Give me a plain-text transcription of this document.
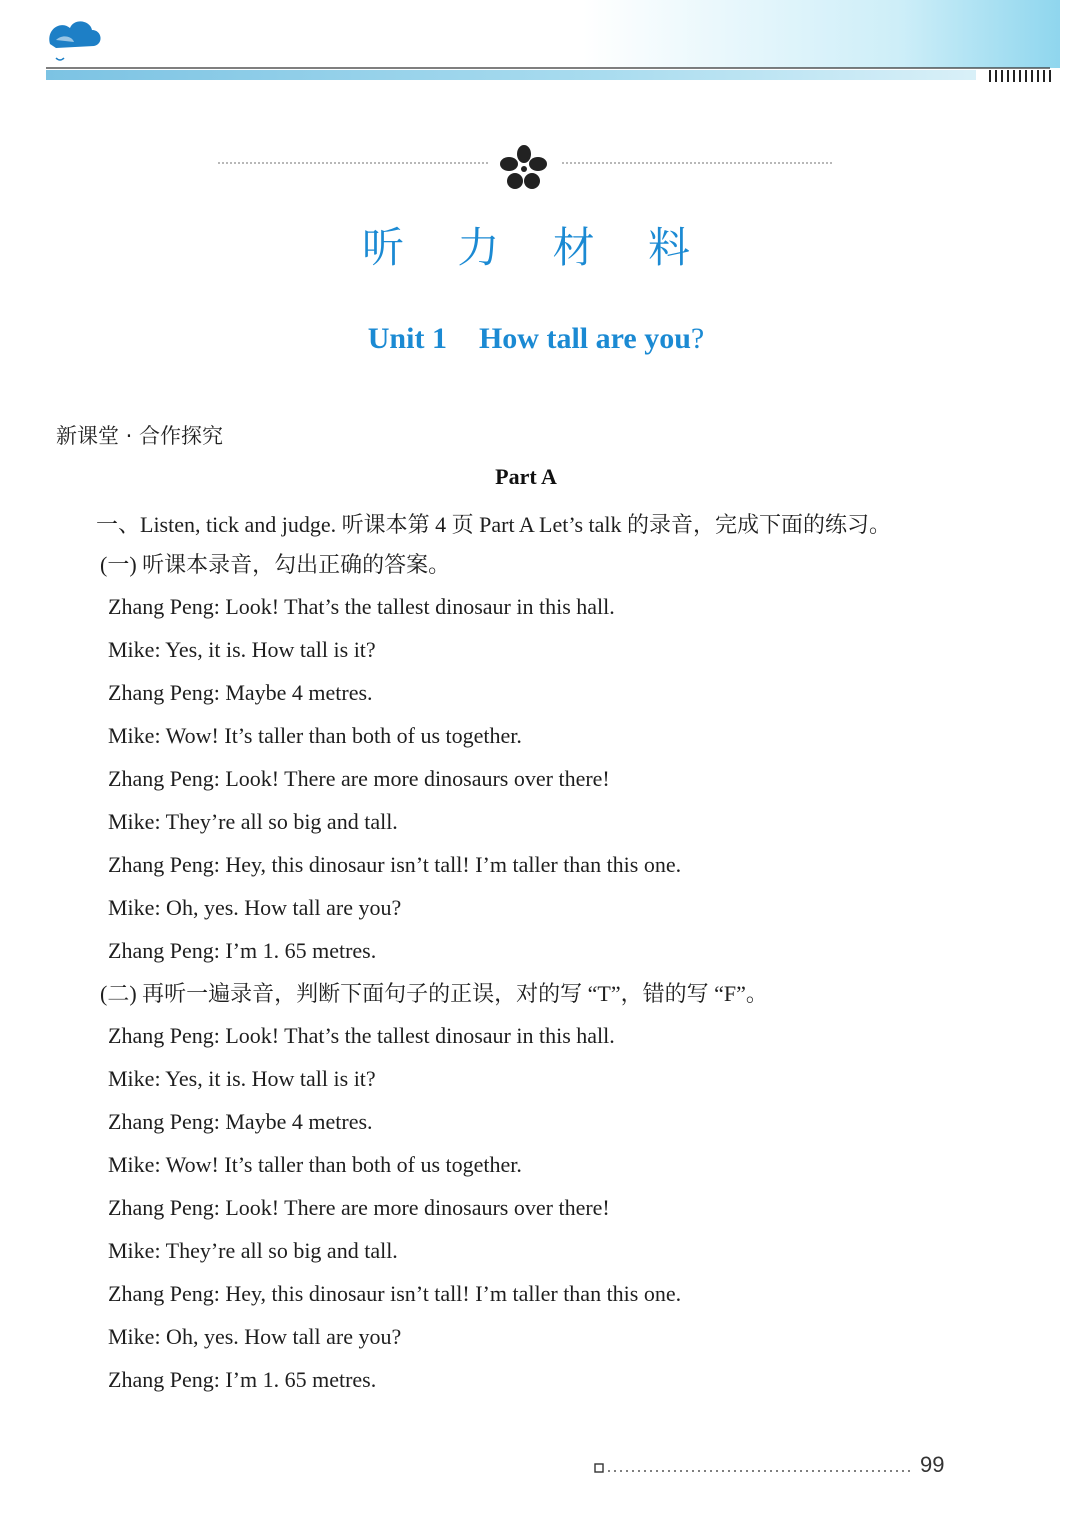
听 力 材 料
Unit 1 How tall are you?
新课堂 · 合作探究
Part A
一、Listen, tick and judge. 听课本第 4 页 Part A Let’s talk 的录音，完成下面的练习。
(一) 听课本录音，勾出正确的答案。
Zhang Peng: Look! That’s the tallest dinosaur in this hall.
Mike: Yes, it is. How tall is it?
Zhang Peng: Maybe 4 metres.
Mike: Wow! It’s taller than both of us together.
Zhang Peng: Look! There are more dinosaurs over there!
Mike: They’re all so big and tall.
Zhang Peng: Hey, this dinosaur isn’t tall! I’m taller than this one.
Mike: Oh, yes. How tall are you?
Zhang Peng: I’m 1. 65 metres.
(二) 再听一遍录音，判断下面句子的正误，对的写 “T”，错的写 “F”。
Zhang Peng: Look! That’s the tallest dinosaur in this hall.
Mike: Yes, it is. How tall is it?
Zhang Peng: Maybe 4 metres.
Mike: Wow! It’s taller than both of us together.
Zhang Peng: Look! There are more dinosaurs over there!
Mike: They’re all so big and tall.
Zhang Peng: Hey, this dinosaur isn’t tall! I’m taller than this one.
Mike: Oh, yes. How tall are you?
Zhang Peng: I’m 1. 65 metres.
99
